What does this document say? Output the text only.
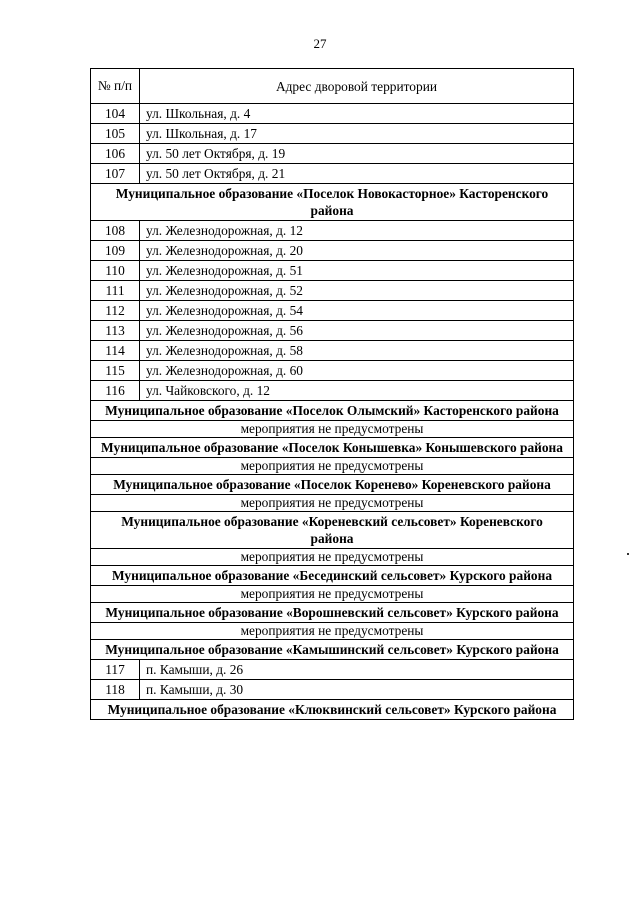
27
№ п/п	Адрес дворовой территории
104	ул. Школьная, д. 4
105	ул. Школьная, д. 17
106	ул. 50 лет Октября, д. 19
107	ул. 50 лет Октября, д. 21
Муниципальное образование «Поселок Новокасторное» Касторенского района	
108	ул. Железнодорожная, д. 12
109	ул. Железнодорожная, д. 20
110	ул. Железнодорожная, д. 51
111	ул. Железнодорожная, д. 52
112	ул. Железнодорожная, д. 54
113	ул. Железнодорожная, д. 56
114	ул. Железнодорожная, д. 58
115	ул. Железнодорожная, д. 60
116	ул. Чайковского, д. 12
Муниципальное образование «Поселок Олымский» Касторенского района	
мероприятия не предусмотрены	
Муниципальное образование «Поселок Конышевка» Конышевского района	
мероприятия не предусмотрены	
Муниципальное образование «Поселок Коренево» Кореневского района	
мероприятия не предусмотрены	
Муниципальное образование «Кореневский сельсовет» Кореневского района	
мероприятия не предусмотрены	
Муниципальное образование «Бесединский сельсовет» Курского района	
мероприятия не предусмотрены	
Муниципальное образование «Ворошневский сельсовет» Курского района	
мероприятия не предусмотрены	
Муниципальное образование «Камышинский сельсовет» Курского района	
117	п. Камыши, д. 26
118	п. Камыши, д. 30
Муниципальное образование «Клюквинский сельсовет» Курского района	
